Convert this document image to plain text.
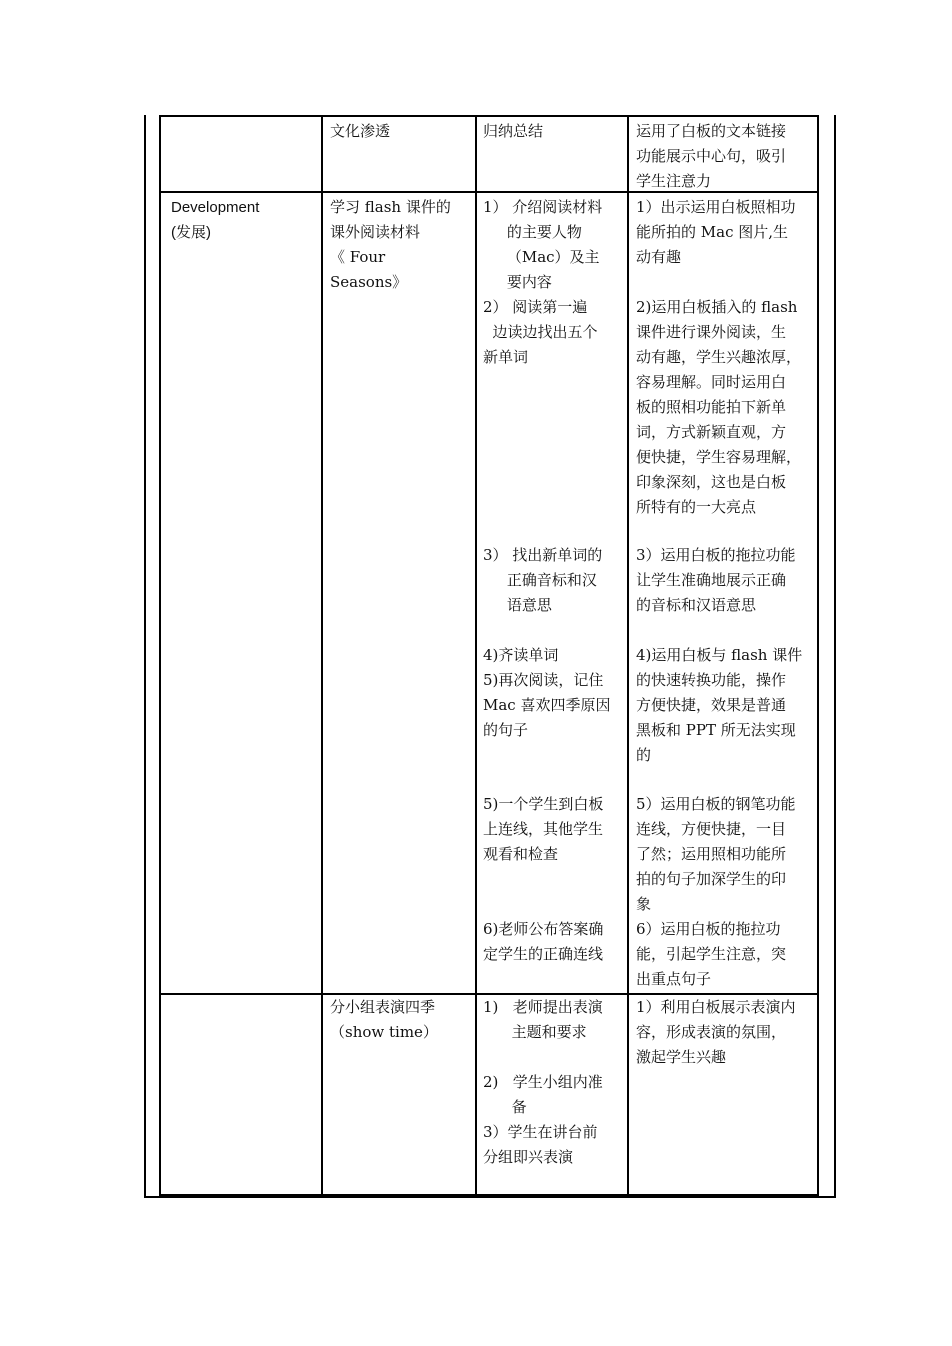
文化渗透	归纳总结	运用了白板的文本链接
功能展示中心句，吸引
学生注意力
Development
(发展)
学习 flash 课件的
课外阅读材料
《 Four
Seasons》
1） 介绍阅读材料
的主要人物
（Mac）及主
要内容
2） 阅读第一遍
边读边找出五个
新单词
3） 找出新单词的
正确音标和汉
语意思
4)齐读单词
5)再次阅读，记住
Mac 喜欢四季原因
的句子
5)一个学生到白板
上连线，其他学生
观看和检查
6)老师公布答案确
定学生的正确连线
1）出示运用白板照相功
能所拍的 Mac 图片,生
动有趣

2)运用白板插入的 flash
课件进行课外阅读，生
动有趣，学生兴趣浓厚，
容易理解。同时运用白
板的照相功能拍下新单
词，方式新颖直观，方
便快捷，学生容易理解，
印象深刻，这也是白板
所特有的一大亮点
3）运用白板的拖拉功能
让学生准确地展示正确
的音标和汉语意思
4)运用白板与 flash 课件
的快速转换功能，操作
方便快捷，效果是普通
黑板和 PPT 所无法实现
的
5）运用白板的钢笔功能
连线，方便快捷，一目
了然；运用照相功能所
拍的句子加深学生的印
象
6）运用白板的拖拉功
能，引起学生注意，突
出重点句子
分小组表演四季
（show time）
1)   老师提出表演
主题和要求

2)   学生小组内准
备
3）学生在讲台前
分组即兴表演
1）利用白板展示表演内
容，形成表演的氛围，
激起学生兴趣
